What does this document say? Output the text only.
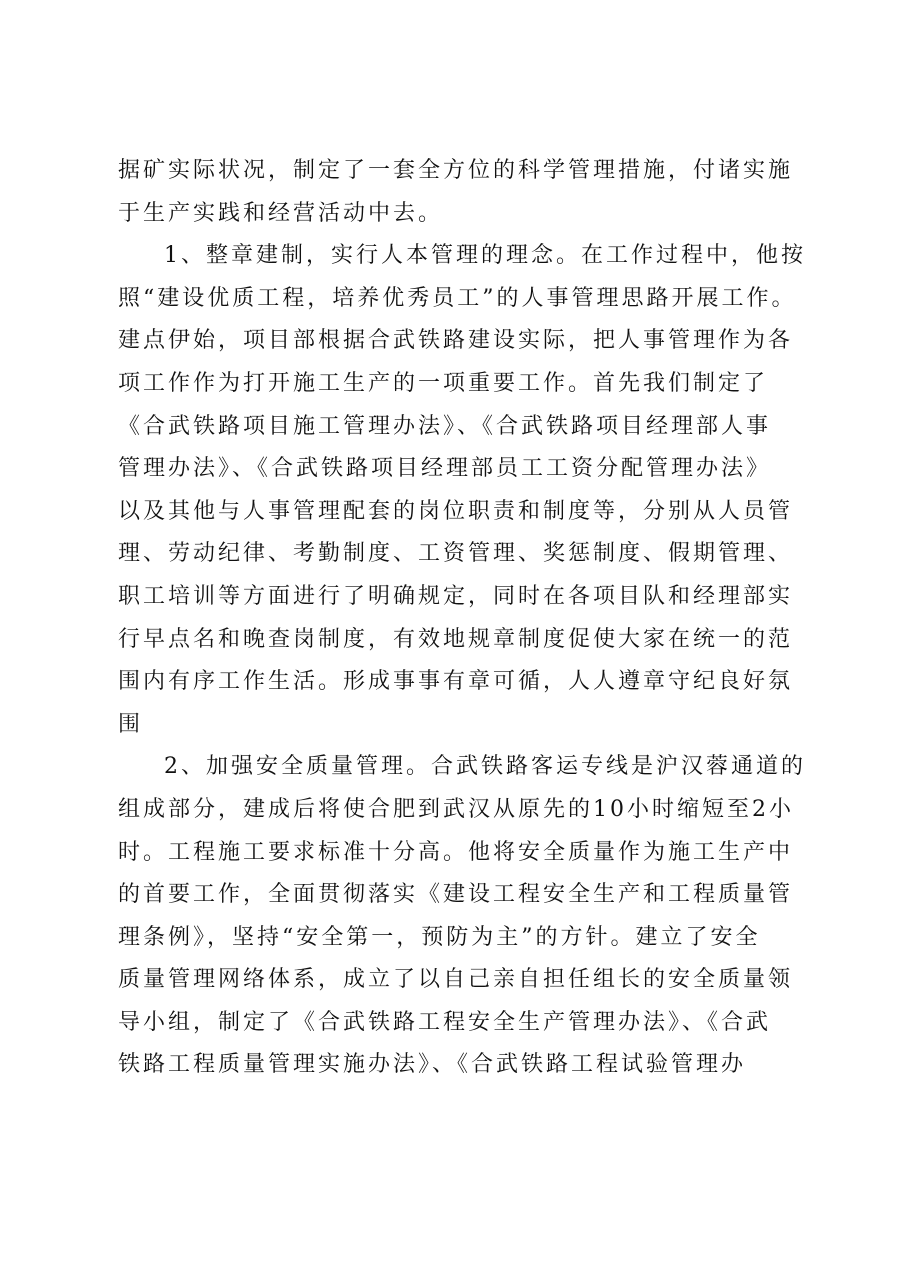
据矿实际状况，制定了一套全方位的科学管理措施，付诸实施
于生产实践和经营活动中去。
1、整章建制，实行人本管理的理念。在工作过程中，他按
照“建设优质工程，培养优秀员工”的人事管理思路开展工作。
建点伊始，项目部根据合武铁路建设实际，把人事管理作为各
项工作作为打开施工生产的一项重要工作。首先我们制定了
《合武铁路项目施工管理办法》、《合武铁路项目经理部人事
管理办法》、《合武铁路项目经理部员工工资分配管理办法》
以及其他与人事管理配套的岗位职责和制度等，分别从人员管
理、劳动纪律、考勤制度、工资管理、奖惩制度、假期管理、
职工培训等方面进行了明确规定，同时在各项目队和经理部实
行早点名和晚查岗制度，有效地规章制度促使大家在统一的范
围内有序工作生活。形成事事有章可循，人人遵章守纪良好氛
围
2、加强安全质量管理。合武铁路客运专线是沪汉蓉通道的
组成部分，建成后将使合肥到武汉从原先的10小时缩短至2小
时。工程施工要求标准十分高。他将安全质量作为施工生产中
的首要工作，全面贯彻落实《建设工程安全生产和工程质量管
理条例》，坚持“安全第一，预防为主”的方针。建立了安全
质量管理网络体系，成立了以自己亲自担任组长的安全质量领
导小组，制定了《合武铁路工程安全生产管理办法》、《合武
铁路工程质量管理实施办法》、《合武铁路工程试验管理办
